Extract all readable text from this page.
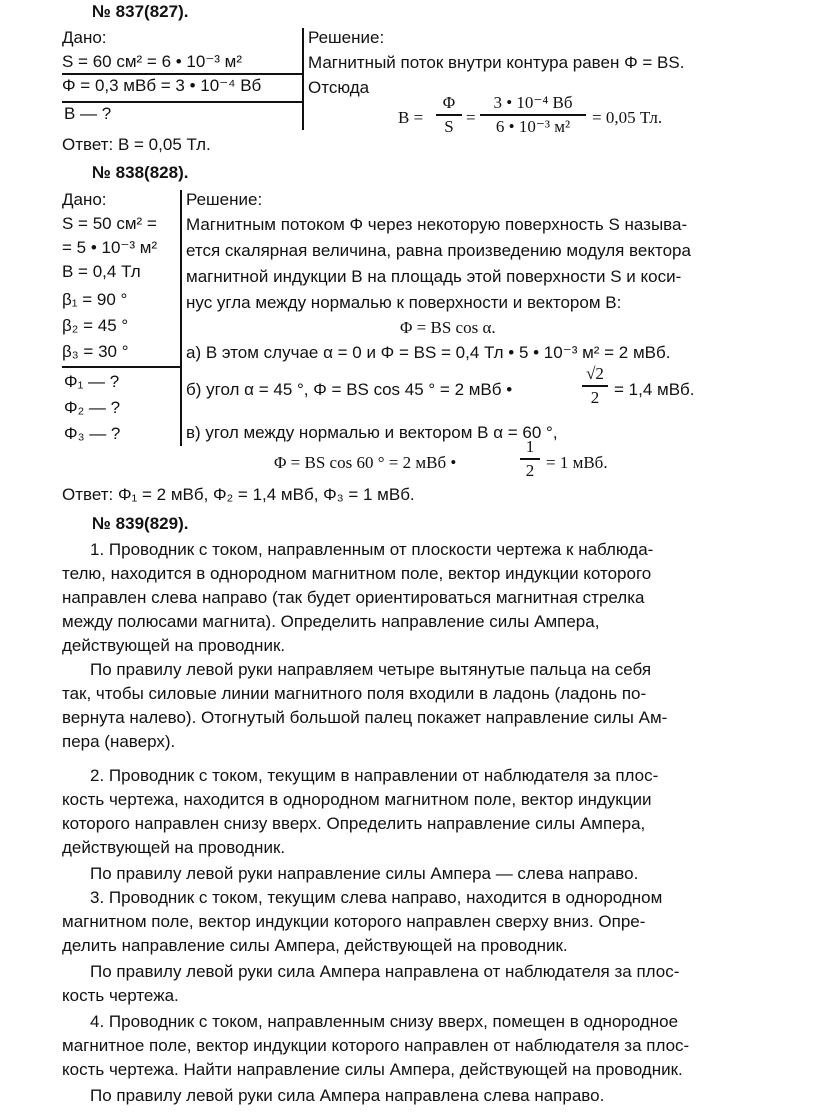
№ 837(827).
Дано:
S = 60 см² = 6 • 10⁻³ м²
Φ = 0,3 мВб = 3 • 10⁻⁴ Вб
B — ?
Решение:
Магнитный поток внутри контура равен Φ = BS.
Отсюда
B =
Φ
S =
3 • 10⁻⁴ Вб
6 • 10⁻³ м²	= 0,05 Тл.
Ответ: B = 0,05 Тл.
№ 838(828).
Дано:
S = 50 см² =
= 5 • 10⁻³ м²
B = 0,4 Тл
β₁ = 90 °
β₂ = 45 °
β₃ = 30 °
Φ₁ — ?
Φ₂ — ?
Φ₃ — ?
Решение:
Магнитным потоком Φ через некоторую поверхность S называ-
ется скалярная величина, равна произведению модуля вектора
магнитной индукции B на площадь этой поверхности S и коси-
нус угла между нормалью к поверхности и вектором B:
Φ = BS cos α.
а) В этом случае α = 0 и Φ = BS = 0,4 Тл • 5 • 10⁻³ м² = 2 мВб.
б) угол α = 45 °, Φ = BS cos 45 ° = 2 мВб •
√2
2 = 1,4 мВб.
в) угол между нормалью и вектором B α = 60 °,
Φ = BS cos 60 ° = 2 мВб •
1
2 = 1 мВб.
Ответ: Φ₁ = 2 мВб, Φ₂ = 1,4 мВб, Φ₃ = 1 мВб.
№ 839(829).
1. Проводник с током, направленным от плоскости чертежа к наблюда-
телю, находится в однородном магнитном поле, вектор индукции которого
направлен слева направо (так будет ориентироваться магнитная стрелка
между полюсами магнита). Определить направление силы Ампера,
действующей на проводник.
По правилу левой руки направляем четыре вытянутые пальца на себя
так, чтобы силовые линии магнитного поля входили в ладонь (ладонь по-
вернута налево). Отогнутый большой палец покажет направление силы Ам-
пера (наверх).
2. Проводник с током, текущим в направлении от наблюдателя за плос-
кость чертежа, находится в однородном магнитном поле, вектор индукции
которого направлен снизу вверх. Определить направление силы Ампера,
действующей на проводник.
По правилу левой руки направление силы Ампера — слева направо.
3. Проводник с током, текущим слева направо, находится в однородном
магнитном поле, вектор индукции которого направлен сверху вниз. Опре-
делить направление силы Ампера, действующей на проводник.
По правилу левой руки сила Ампера направлена от наблюдателя за плос-
кость чертежа.
4. Проводник с током, направленным снизу вверх, помещен в однородное
магнитное поле, вектор индукции которого направлен от наблюдателя за плос-
кость чертежа. Найти направление силы Ампера, действующей на проводник.
По правилу левой руки сила Ампера направлена слева направо.
